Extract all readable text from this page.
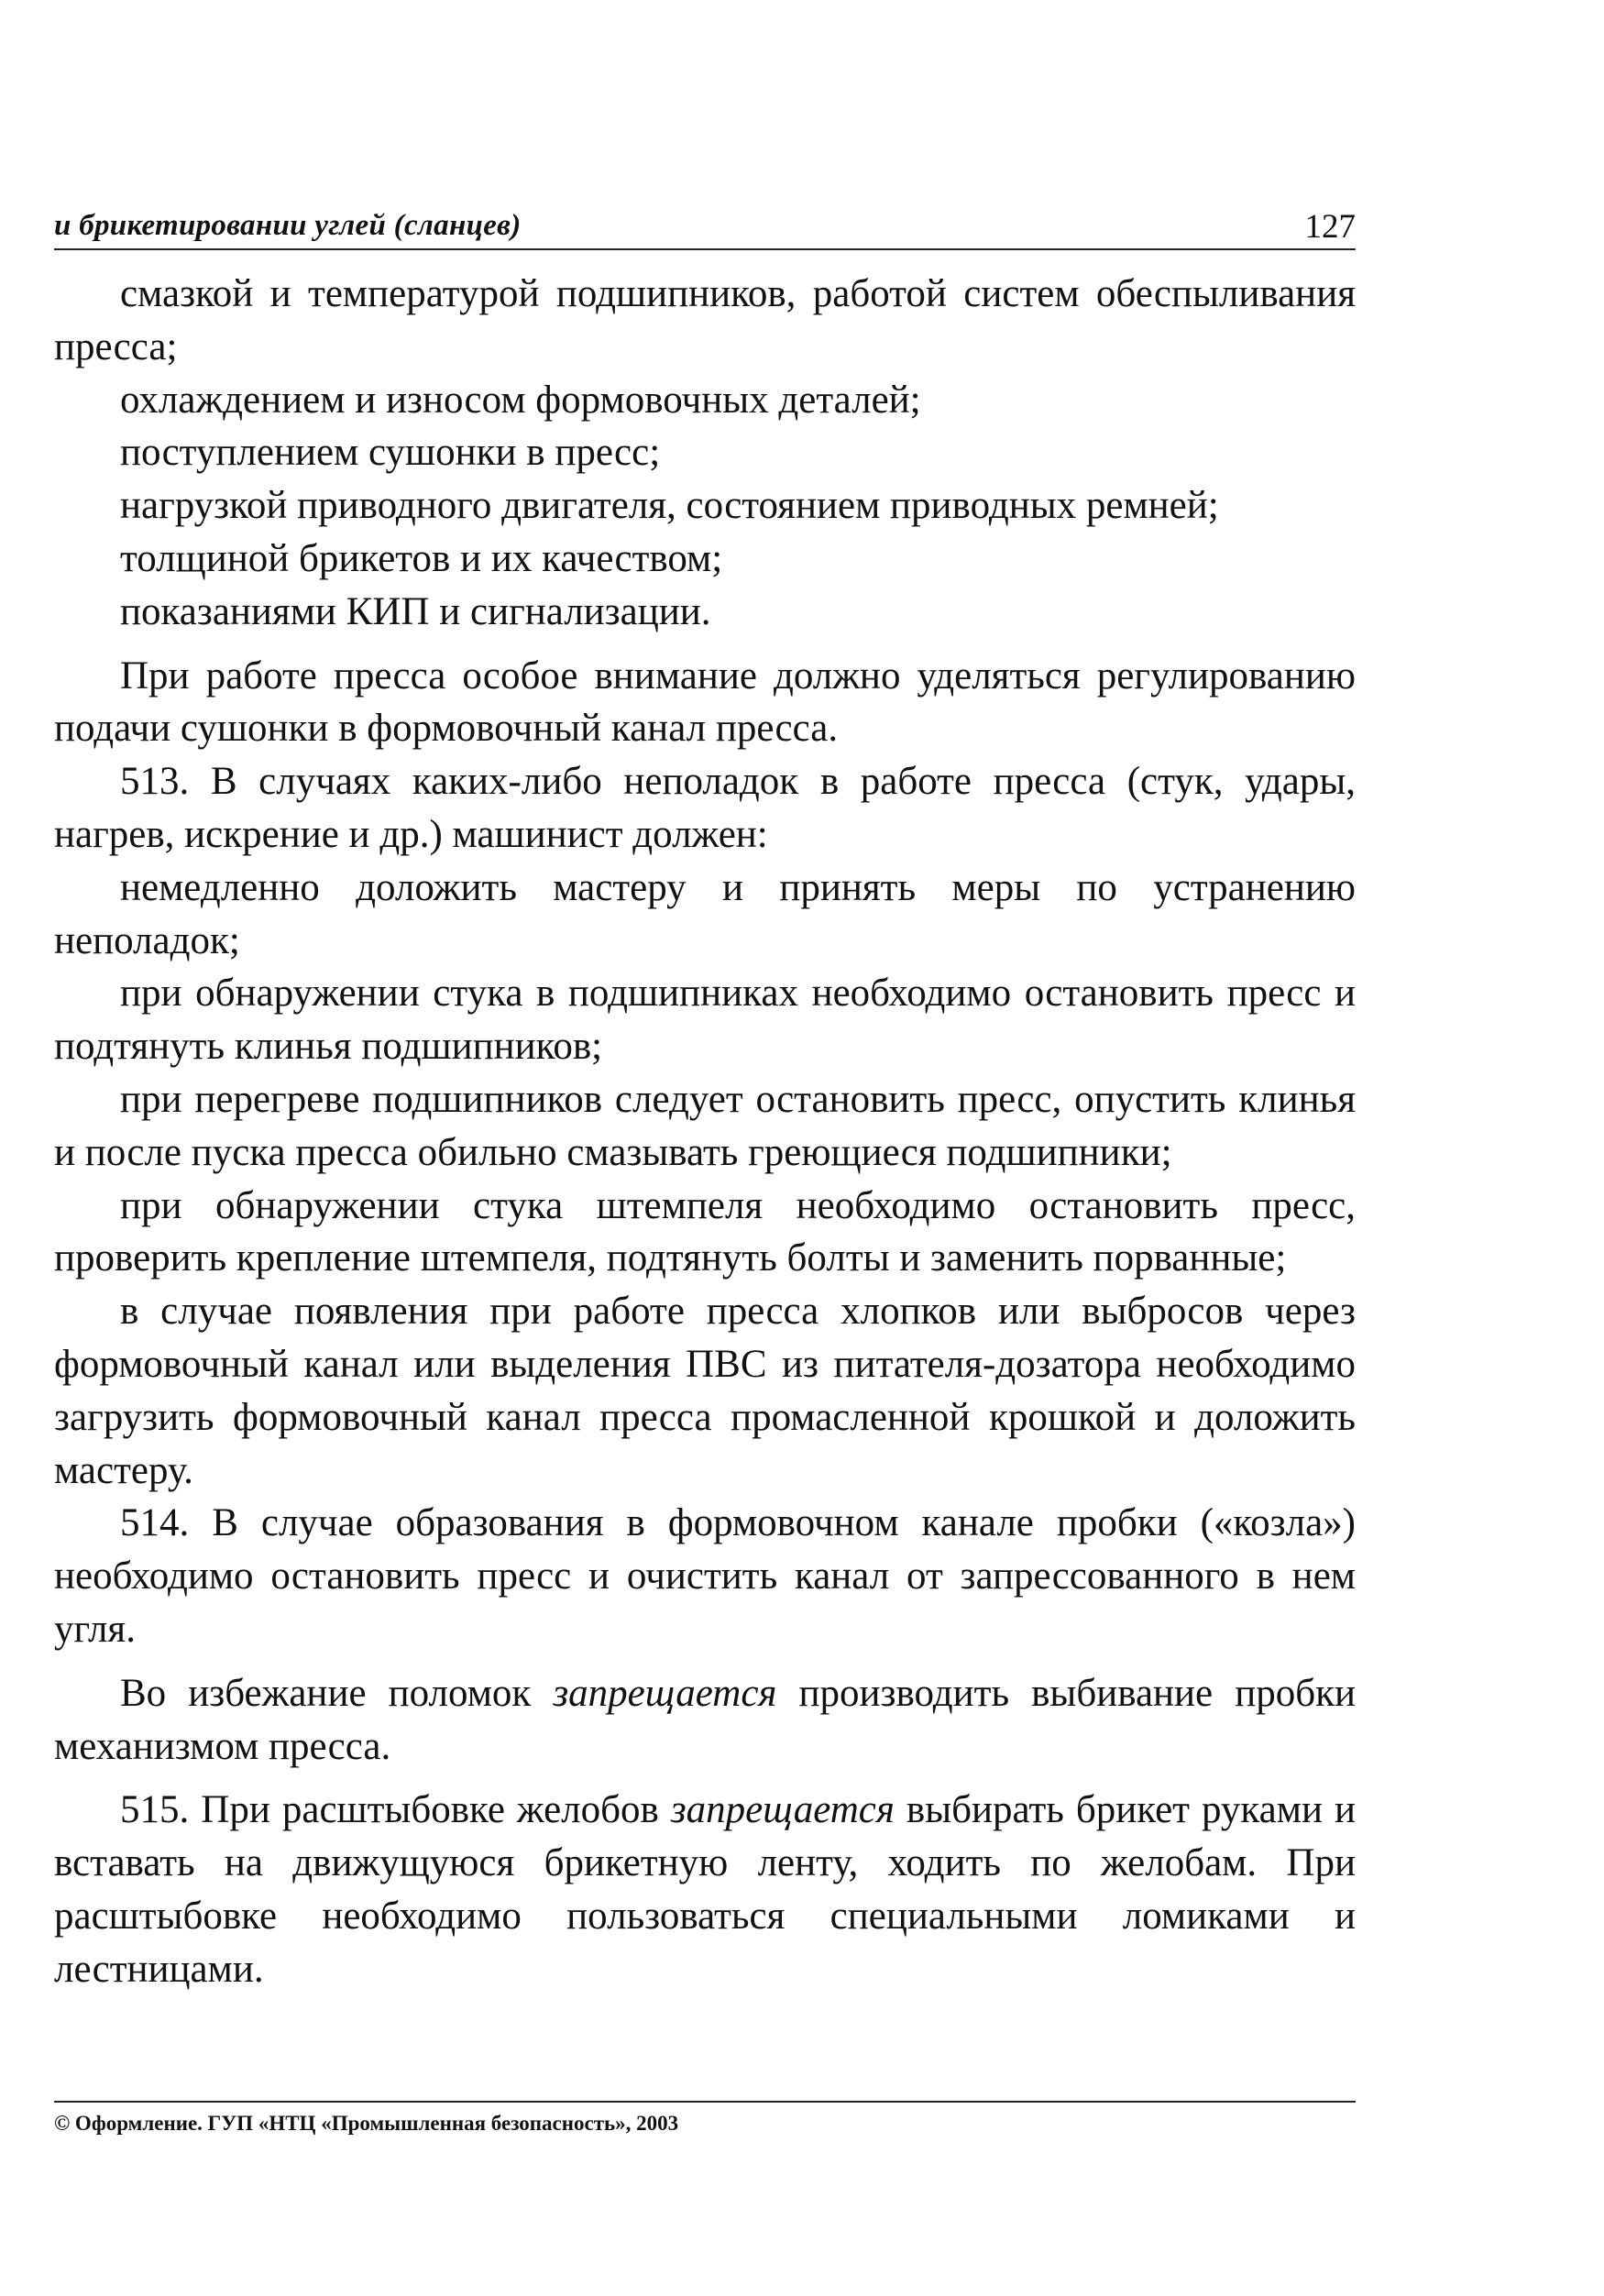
и брикетировании углей (сланцев)	127

смазкой и температурой подшипников, работой систем обеспыливания пресса;

охлаждением и износом формовочных деталей;

поступлением сушонки в пресс;

нагрузкой приводного двигателя, состоянием приводных ремней;

толщиной брикетов и их качеством;

показаниями КИП и сигнализации.

При работе пресса особое внимание должно уделяться регулированию подачи сушонки в формовочный канал пресса.

513. В случаях каких-либо неполадок в работе пресса (стук, удары, нагрев, искрение и др.) машинист должен:

немедленно доложить мастеру и принять меры по устранению неполадок;

при обнаружении стука в подшипниках необходимо остановить пресс и подтянуть клинья подшипников;

при перегреве подшипников следует остановить пресс, опустить клинья и после пуска пресса обильно смазывать греющиеся подшипники;

при обнаружении стука штемпеля необходимо остановить пресс, проверить крепление штемпеля, подтянуть болты и заменить порванные;

в случае появления при работе пресса хлопков или выбросов через формовочный канал или выделения ПВС из питателя-дозатора необходимо загрузить формовочный канал пресса промасленной крошкой и доложить мастеру.

514. В случае образования в формовочном канале пробки («козла») необходимо остановить пресс и очистить канал от запрессованного в нем угля.

Во избежание поломок запрещается производить выбивание пробки механизмом пресса.

515. При расштыбовке желобов запрещается выбирать брикет руками и вставать на движущуюся брикетную ленту, ходить по желобам. При расштыбовке необходимо пользоваться специальными ломиками и лестницами.

© Оформление. ГУП «НТЦ «Промышленная безопасность», 2003
